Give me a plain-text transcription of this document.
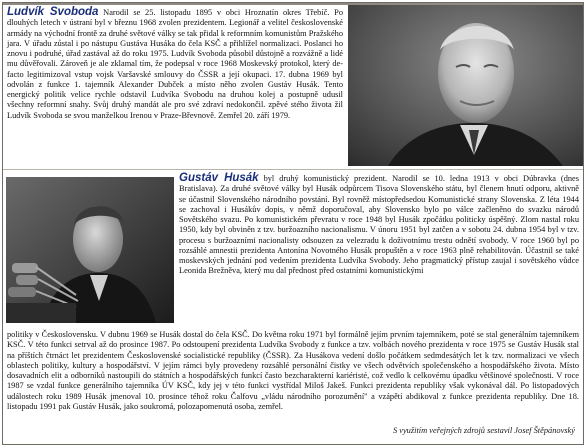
Ludvík Svoboda Narodil se 25. listopadu 1895 v obci Hroznatín okres Třebíč. Po dlouhých letech v ústraní byl v březnu 1968 zvolen prezidentem. Legionář a velitel československé armády na východní frontě za druhé světové války se tak přidal k reformním komunistům Pražského jara. V úřadu zůstal i po nástupu Gustáva Husáka do čela KSČ a přihlížel normalizaci. Poslanci ho znovu i podruhé, úřad zastával až do roku 1975. Ludvík Svoboda působil důstojně a rozvážně a lidé mu důvěřovali. Zároveň je ale zklamal tím, že podepsal v roce 1968 Moskevský protokol, který de-facto legitimizoval vstup vojsk Varšavské smlouvy do ČSSR a její okupaci. 17. dubna 1969 byl odvolán z funkce 1. tajemník Alexander Dubček a místo něho zvolen Gustáv Husák. Tento energický politik velice rychle odstavil Ludvíka Svobodu na druhou kolej a postupně udusil všechny reformní snahy. Svůj druhý mandát ale pro své zdraví nedokončil. zpěvé stého života žil Ludvík Svoboda se svou manželkou Irenou v Praze-Břevnově. Zemřel 20. září 1979.

Gustáv Husák byl druhý komunistický prezident. Narodil se 10. ledna 1913 v obci Dúbravka (dnes Bratislava). Za druhé světové války byl Husák odpůrcem Tisova Slovenského státu, byl členem hnutí odporu, aktivně se účastnil Slovenského národního povstání. Byl rovněž místopředsedou Komunistické strany Slovenska. Z léta 1944 se zachoval i Husákův dopis, v němž doporučoval, aby Slovensko bylo po válce začleněno do svazku národů Sovětského svazu. Po komunistickém převratu v roce 1948 byl Husák zpočátku politicky úspěšný. Zlom nastal roku 1950, kdy byl obviněn z tzv. buržoazního nacionalismu. V únoru 1951 byl zatčen a v sobotu 24. dubna 1954 byl v tzv. procesu s buržoazními nacionalisty odsouzen za velezradu k doživotnímu trestu odnětí svobody. V roce 1960 byl po rozsáhlé amnestii prezidenta Antonína Novotného Husák propuštěn a v roce 1963 plně rehabilitován. Účastnil se také moskevských jednání pod vedením prezidenta Ludvíka Svobody. Jeho pragmatický přístup zaujal i sovětského vůdce Leonida Brežněva, který mu dal přednost před ostatními komunistickými

politiky v Československu. V dubnu 1969 se Husák dostal do čela KSČ. Do května roku 1971 byl formálně jejím prvním tajemníkem, poté se stal generálním tajemníkem KSČ. V této funkci setrval až do prosince 1987. Po odstoupení prezidenta Ludvíka Svobody z funkce a tzv. volbách nového prezidenta v roce 1975 se Gustáv Husák stal na příštích čtrnáct let prezidentem Československé socialistické republiky (ČSSR). Za Husákova vedení došlo počátkem sedmdesátých let k tzv. normalizaci ve všech oblastech politiky, kultury a hospodářství. V jejím rámci byly provedeny rozsáhlé personální čistky ve všech odvětvích společenského a hospodářského života. Místo dosavadních elit a odborníků nastoupili do státních a hospodářských funkcí často bezcharakterní kariéristé, což vedlo k celkovému úpadku většinové společnosti. V roce 1987 se vzdal funkce generálního tajemníka ÚV KSČ, kdy jej v této funkci vystřídal Miloš Jakeš. Funkci prezidenta republiky však vykonával dál. Po listopadových událostech roku 1989 Husák jmenoval 10. prosince téhož roku Čalfovu „vládu národního porozumění" a vzápětí abdikoval z funkce prezidenta republiky. Dne 18. listopadu 1991 pak Gustáv Husák, jako soukromá, polozapomenutá osoba, zemřel.

S využitím veřejných zdrojů sestavil Josef Štěpánovský
